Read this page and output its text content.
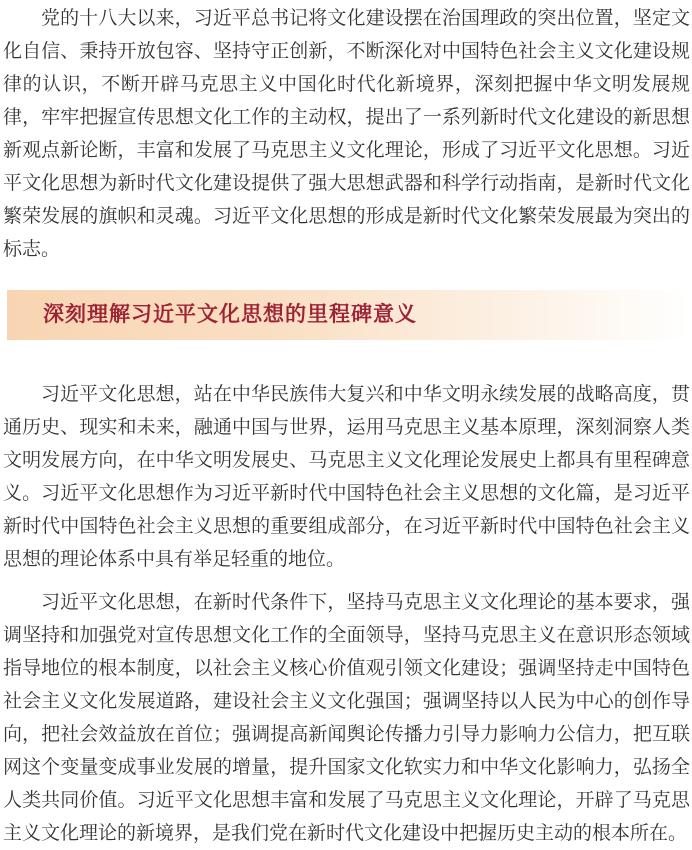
党的十八大以来，习近平总书记将文化建设摆在治国理政的突出位置，坚定文化自信、秉持开放包容、坚持守正创新，不断深化对中国特色社会主义文化建设规律的认识，不断开辟马克思主义中国化时代化新境界，深刻把握中华文明发展规律，牢牢把握宣传思想文化工作的主动权，提出了一系列新时代文化建设的新思想新观点新论断，丰富和发展了马克思主义文化理论，形成了习近平文化思想。习近平文化思想为新时代文化建设提供了强大思想武器和科学行动指南，是新时代文化繁荣发展的旗帜和灵魂。习近平文化思想的形成是新时代文化繁荣发展最为突出的标志。

深刻理解习近平文化思想的里程碑意义

习近平文化思想，站在中华民族伟大复兴和中华文明永续发展的战略高度，贯通历史、现实和未来，融通中国与世界，运用马克思主义基本原理，深刻洞察人类文明发展方向，在中华文明发展史、马克思主义文化理论发展史上都具有里程碑意义。习近平文化思想作为习近平新时代中国特色社会主义思想的文化篇，是习近平新时代中国特色社会主义思想的重要组成部分，在习近平新时代中国特色社会主义思想的理论体系中具有举足轻重的地位。

习近平文化思想，在新时代条件下，坚持马克思主义文化理论的基本要求，强调坚持和加强党对宣传思想文化工作的全面领导，坚持马克思主义在意识形态领域指导地位的根本制度，以社会主义核心价值观引领文化建设；强调坚持走中国特色社会主义文化发展道路，建设社会主义文化强国；强调坚持以人民为中心的创作导向，把社会效益放在首位；强调提高新闻舆论传播力引导力影响力公信力，把互联网这个变量变成事业发展的增量，提升国家文化软实力和中华文化影响力，弘扬全人类共同价值。习近平文化思想丰富和发展了马克思主义文化理论，开辟了马克思主义文化理论的新境界，是我们党在新时代文化建设中把握历史主动的根本所在。
